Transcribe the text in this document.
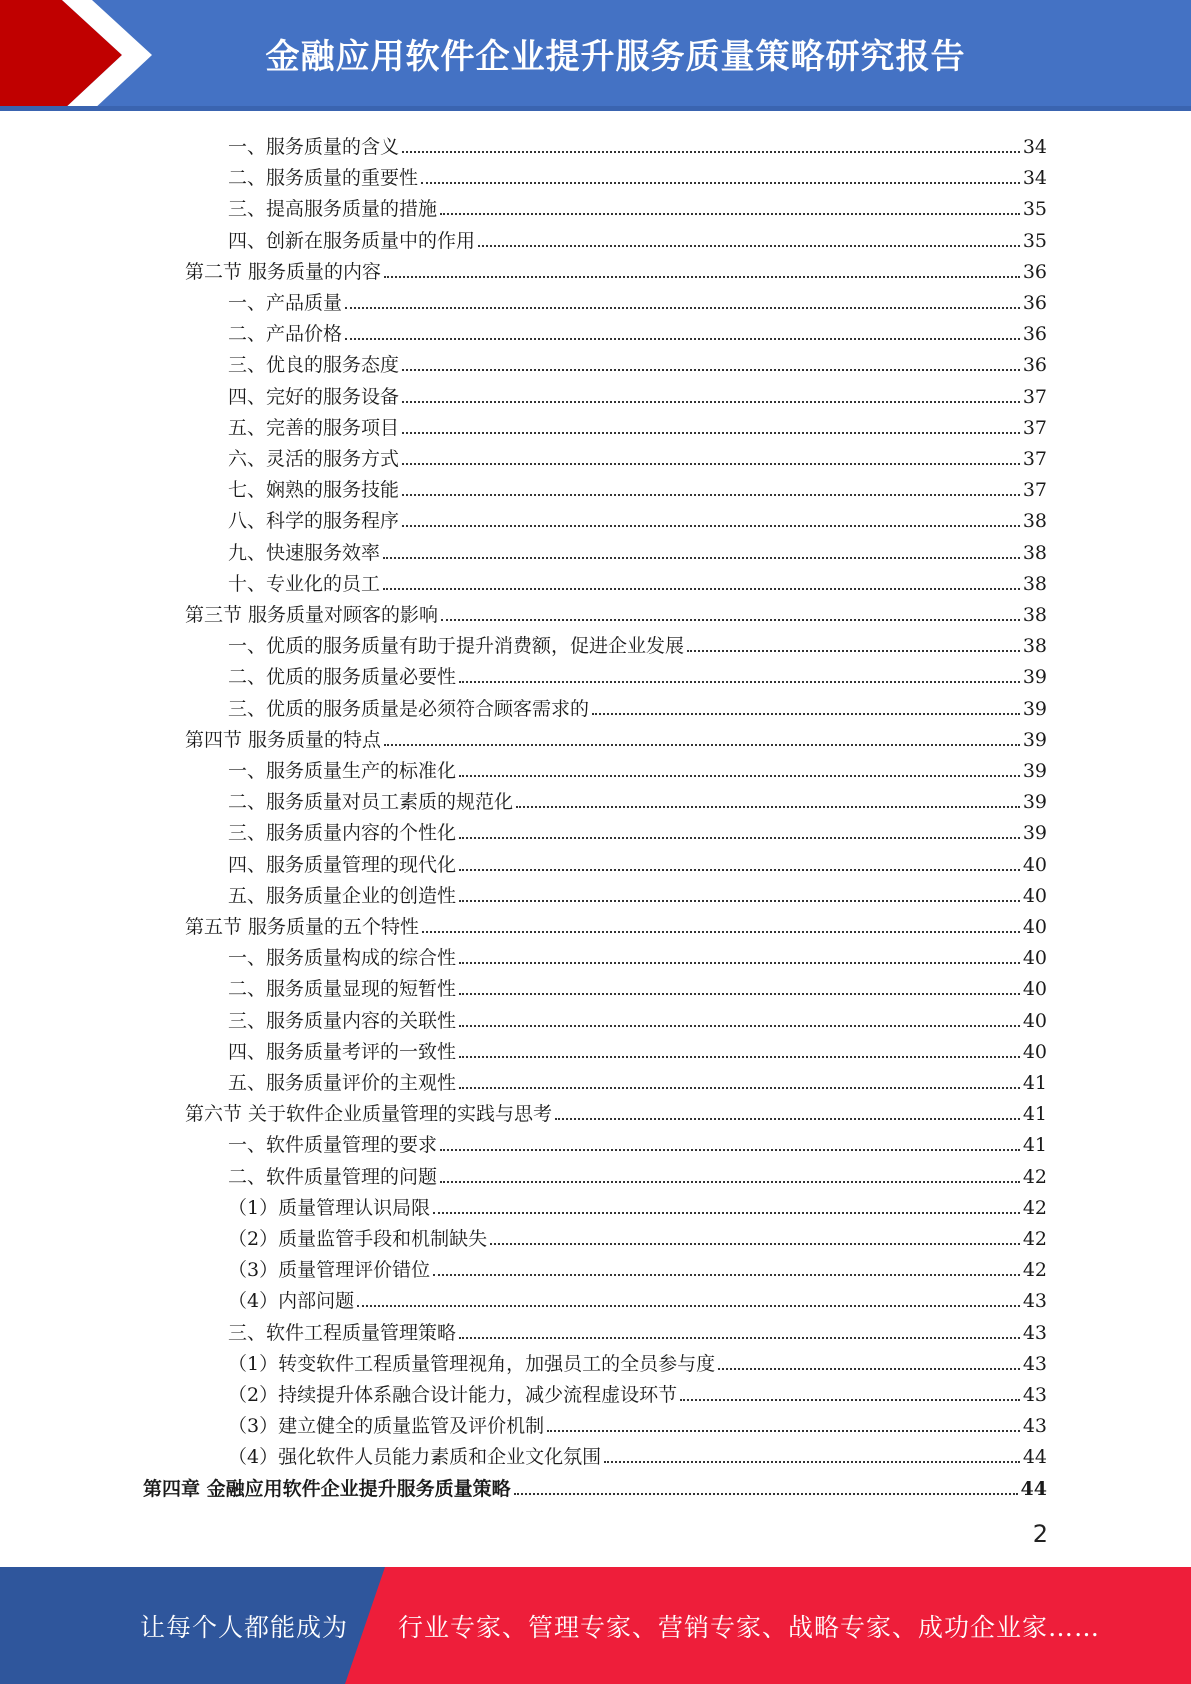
金融应用软件企业提升服务质量策略研究报告
一、服务质量的含义	34
二、服务质量的重要性	34
三、提高服务质量的措施	35
四、创新在服务质量中的作用	35
第二节 服务质量的内容	36
一、产品质量	36
二、产品价格	36
三、优良的服务态度	36
四、完好的服务设备	37
五、完善的服务项目	37
六、灵活的服务方式	37
七、娴熟的服务技能	37
八、科学的服务程序	38
九、快速服务效率	38
十、专业化的员工	38
第三节 服务质量对顾客的影响	38
一、优质的服务质量有助于提升消费额，促进企业发展	38
二、优质的服务质量必要性	39
三、优质的服务质量是必须符合顾客需求的	39
第四节 服务质量的特点	39
一、服务质量生产的标准化	39
二、服务质量对员工素质的规范化	39
三、服务质量内容的个性化	39
四、服务质量管理的现代化	40
五、服务质量企业的创造性	40
第五节 服务质量的五个特性	40
一、服务质量构成的综合性	40
二、服务质量显现的短暂性	40
三、服务质量内容的关联性	40
四、服务质量考评的一致性	40
五、服务质量评价的主观性	41
第六节 关于软件企业质量管理的实践与思考	41
一、软件质量管理的要求	41
二、软件质量管理的问题	42
（1）质量管理认识局限	42
（2）质量监管手段和机制缺失	42
（3）质量管理评价错位	42
（4）内部问题	43
三、软件工程质量管理策略	43
（1）转变软件工程质量管理视角，加强员工的全员参与度	43
（2）持续提升体系融合设计能力，减少流程虚设环节	43
（3）建立健全的质量监管及评价机制	43
（4）强化软件人员能力素质和企业文化氛围	44
第四章 金融应用软件企业提升服务质量策略	44
2
让每个人都能成为	行业专家、管理专家、营销专家、战略专家、成功企业家……
